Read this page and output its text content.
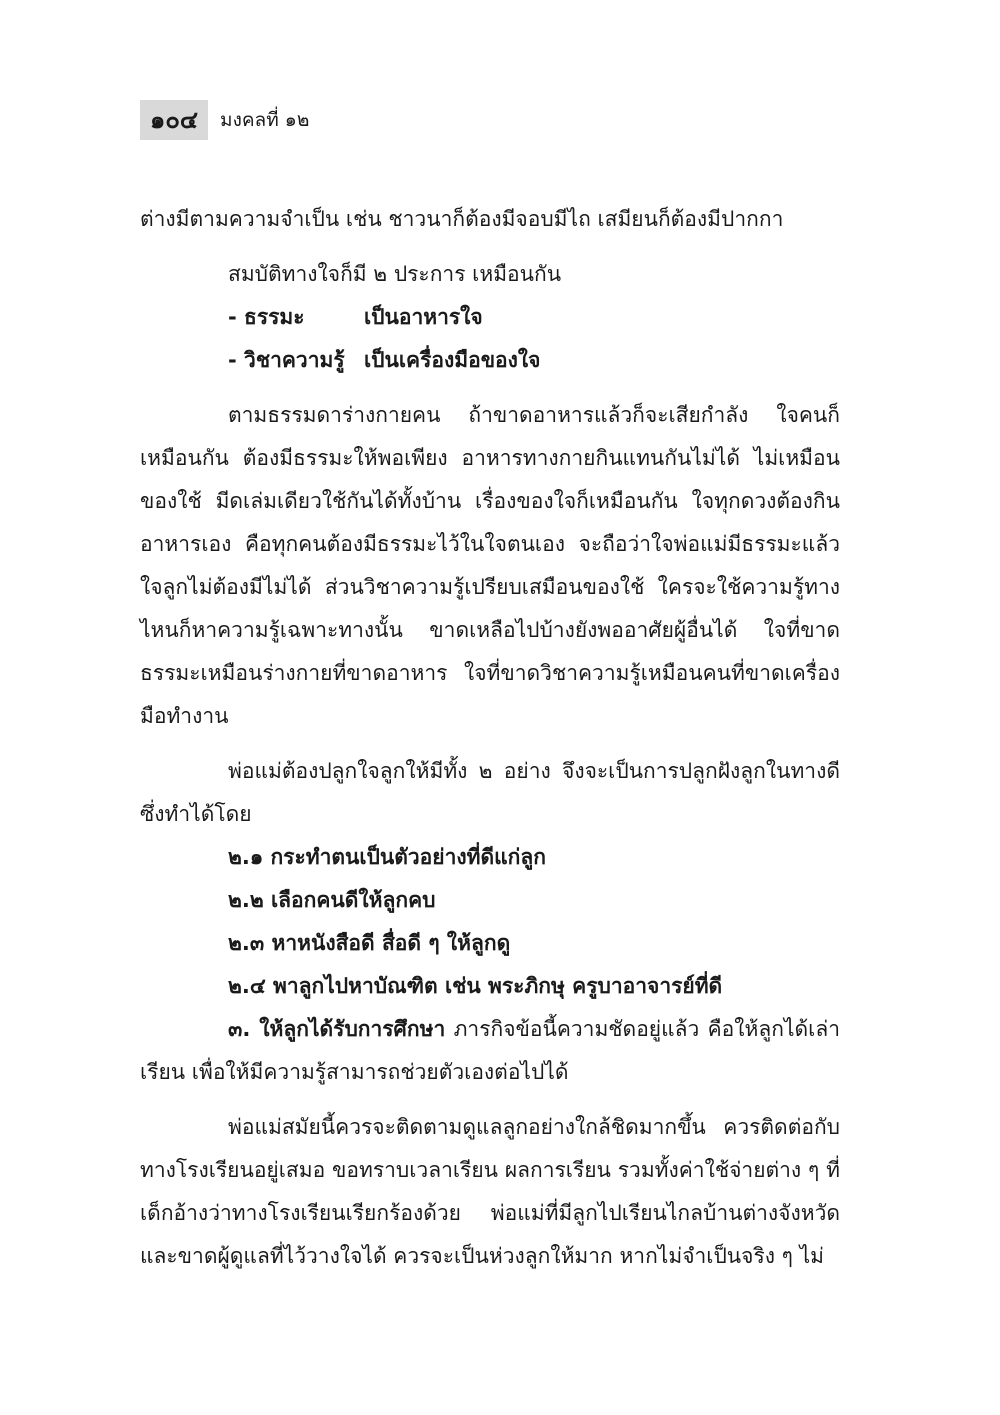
๑๐๔	มงคลที่ ๑๒

ต่างมีตามความจำเป็น เช่น ชาวนาก็ต้องมีจอบมีไถ เสมียนก็ต้องมีปากกา

สมบัติทางใจก็มี ๒ ประการ เหมือนกัน

- ธรรมะ	เป็นอาหารใจ
- วิชาความรู้ เป็นเครื่องมือของใจ

ตามธรรมดาร่างกายคน ถ้าขาดอาหารแล้วก็จะเสียกำลัง ใจคนก็เหมือนกัน ต้องมีธรรมะให้พอเพียง อาหารทางกายกินแทนกันไม่ได้ ไม่เหมือนของใช้ มีดเล่มเดียวใช้กันได้ทั้งบ้าน เรื่องของใจก็เหมือนกัน ใจทุกดวงต้องกินอาหารเอง คือทุกคนต้องมีธรรมะไว้ในใจตนเอง จะถือว่าใจพ่อแม่มีธรรมะแล้วใจลูกไม่ต้องมีไม่ได้ ส่วนวิชาความรู้เปรียบเสมือนของใช้ ใครจะใช้ความรู้ทางไหนก็หาความรู้เฉพาะทางนั้น ขาดเหลือไปบ้างยังพออาศัยผู้อื่นได้ ใจที่ขาดธรรมะเหมือนร่างกายที่ขาดอาหาร ใจที่ขาดวิชาความรู้เหมือนคนที่ขาดเครื่องมือทำงาน

พ่อแม่ต้องปลูกใจลูกให้มีทั้ง ๒ อย่าง จึงจะเป็นการปลูกฝังลูกในทางดีซึ่งทำได้โดย

๒.๑ กระทำตนเป็นตัวอย่างที่ดีแก่ลูก
๒.๒ เลือกคนดีให้ลูกคบ
๒.๓ หาหนังสือดี สื่อดี ๆ ให้ลูกดู
๒.๔ พาลูกไปหาบัณฑิต เช่น พระภิกษุ ครูบาอาจารย์ที่ดี

๓. ให้ลูกได้รับการศึกษา ภารกิจข้อนี้ความชัดอยู่แล้ว คือให้ลูกได้เล่าเรียน เพื่อให้มีความรู้สามารถช่วยตัวเองต่อไปได้

พ่อแม่สมัยนี้ควรจะติดตามดูแลลูกอย่างใกล้ชิดมากขึ้น ควรติดต่อกับทางโรงเรียนอยู่เสมอ ขอทราบเวลาเรียน ผลการเรียน รวมทั้งค่าใช้จ่ายต่าง ๆ ที่เด็กอ้างว่าทางโรงเรียนเรียกร้องด้วย พ่อแม่ที่มีลูกไปเรียนไกลบ้านต่างจังหวัดและขาดผู้ดูแลที่ไว้วางใจได้ ควรจะเป็นห่วงลูกให้มาก หากไม่จำเป็นจริง ๆ ไม่
